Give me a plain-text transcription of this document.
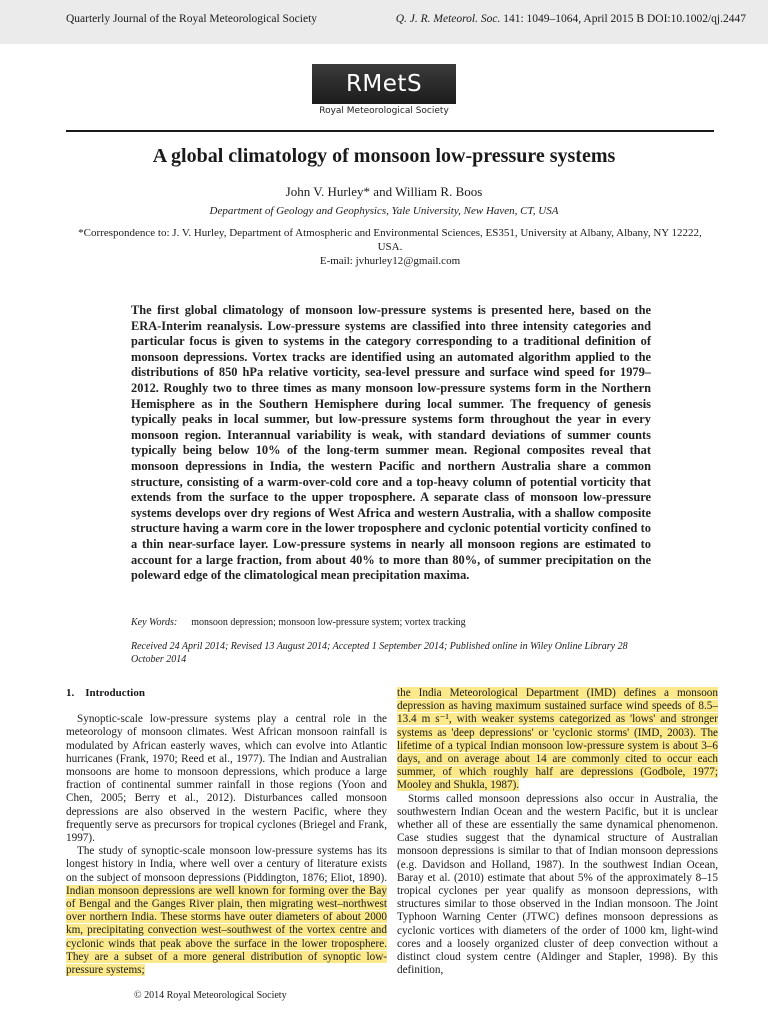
Quarterly Journal of the Royal Meteorological Society	Q. J. R. Meteorol. Soc. 141: 1049–1064, April 2015 B DOI:10.1002/qj.2447
RMetS
Royal Meteorological Society
A global climatology of monsoon low-pressure systems
John V. Hurley* and William R. Boos
Department of Geology and Geophysics, Yale University, New Haven, CT, USA
*Correspondence to: J. V. Hurley, Department of Atmospheric and Environmental Sciences, ES351, University at Albany, Albany, NY 12222, USA.
E-mail: jvhurley12@gmail.com
The first global climatology of monsoon low-pressure systems is presented here, based on the ERA-Interim reanalysis. Low-pressure systems are classified into three intensity categories and particular focus is given to systems in the category corresponding to a traditional definition of monsoon depressions. Vortex tracks are identified using an automated algorithm applied to the distributions of 850 hPa relative vorticity, sea-level pressure and surface wind speed for 1979–2012. Roughly two to three times as many monsoon low-pressure systems form in the Northern Hemisphere as in the Southern Hemisphere during local summer. The frequency of genesis typically peaks in local summer, but low-pressure systems form throughout the year in every monsoon region. Interannual variability is weak, with standard deviations of summer counts typically being below 10% of the long-term summer mean. Regional composites reveal that monsoon depressions in India, the western Pacific and northern Australia share a common structure, consisting of a warm-over-cold core and a top-heavy column of potential vorticity that extends from the surface to the upper troposphere. A separate class of monsoon low-pressure systems develops over dry regions of West Africa and western Australia, with a shallow composite structure having a warm core in the lower troposphere and cyclonic potential vorticity confined to a thin near-surface layer. Low-pressure systems in nearly all monsoon regions are estimated to account for a large fraction, from about 40% to more than 80%, of summer precipitation on the poleward edge of the climatological mean precipitation maxima.
Key Words: monsoon depression; monsoon low-pressure system; vortex tracking
Received 24 April 2014; Revised 13 August 2014; Accepted 1 September 2014; Published online in Wiley Online Library 28 October 2014
1. Introduction

Synoptic-scale low-pressure systems play a central role in the meteorology of monsoon climates. West African monsoon rainfall is modulated by African easterly waves, which can evolve into Atlantic hurricanes (Frank, 1970; Reed et al., 1977). The Indian and Australian monsoons are home to monsoon depressions, which produce a large fraction of continental summer rainfall in those regions (Yoon and Chen, 2005; Berry et al., 2012). Disturbances called monsoon depressions are also observed in the western Pacific, where they frequently serve as precursors for tropical cyclones (Briegel and Frank, 1997).

The study of synoptic-scale monsoon low-pressure systems has its longest history in India, where well over a century of literature exists on the subject of monsoon depressions (Piddington, 1876; Eliot, 1890). Indian monsoon depressions are well known for forming over the Bay of Bengal and the Ganges River plain, then migrating west–northwest over northern India. These storms have outer diameters of about 2000 km, precipitating convection west–southwest of the vortex centre and cyclonic winds that peak above the surface in the lower troposphere. They are a subset of a more general distribution of synoptic low-pressure systems;

the India Meteorological Department (IMD) defines a monsoon depression as having maximum sustained surface wind speeds of 8.5–13.4 m s⁻¹, with weaker systems categorized as 'lows' and stronger systems as 'deep depressions' or 'cyclonic storms' (IMD, 2003). The lifetime of a typical Indian monsoon low-pressure system is about 3–6 days, and on average about 14 are commonly cited to occur each summer, of which roughly half are depressions (Godbole, 1977; Mooley and Shukla, 1987).

Storms called monsoon depressions also occur in Australia, the southwestern Indian Ocean and the western Pacific, but it is unclear whether all of these are essentially the same dynamical phenomenon. Case studies suggest that the dynamical structure of Australian monsoon depressions is similar to that of Indian monsoon depressions (e.g. Davidson and Holland, 1987). In the southwest Indian Ocean, Baray et al. (2010) estimate that about 5% of the approximately 8–15 tropical cyclones per year qualify as monsoon depressions, with structures similar to those observed in the Indian monsoon. The Joint Typhoon Warning Center (JTWC) defines monsoon depressions as cyclonic vortices with diameters of the order of 1000 km, light-wind cores and a loosely organized cluster of deep convection without a distinct cloud system centre (Aldinger and Stapler, 1998). By this definition,

© 2014 Royal Meteorological Society
